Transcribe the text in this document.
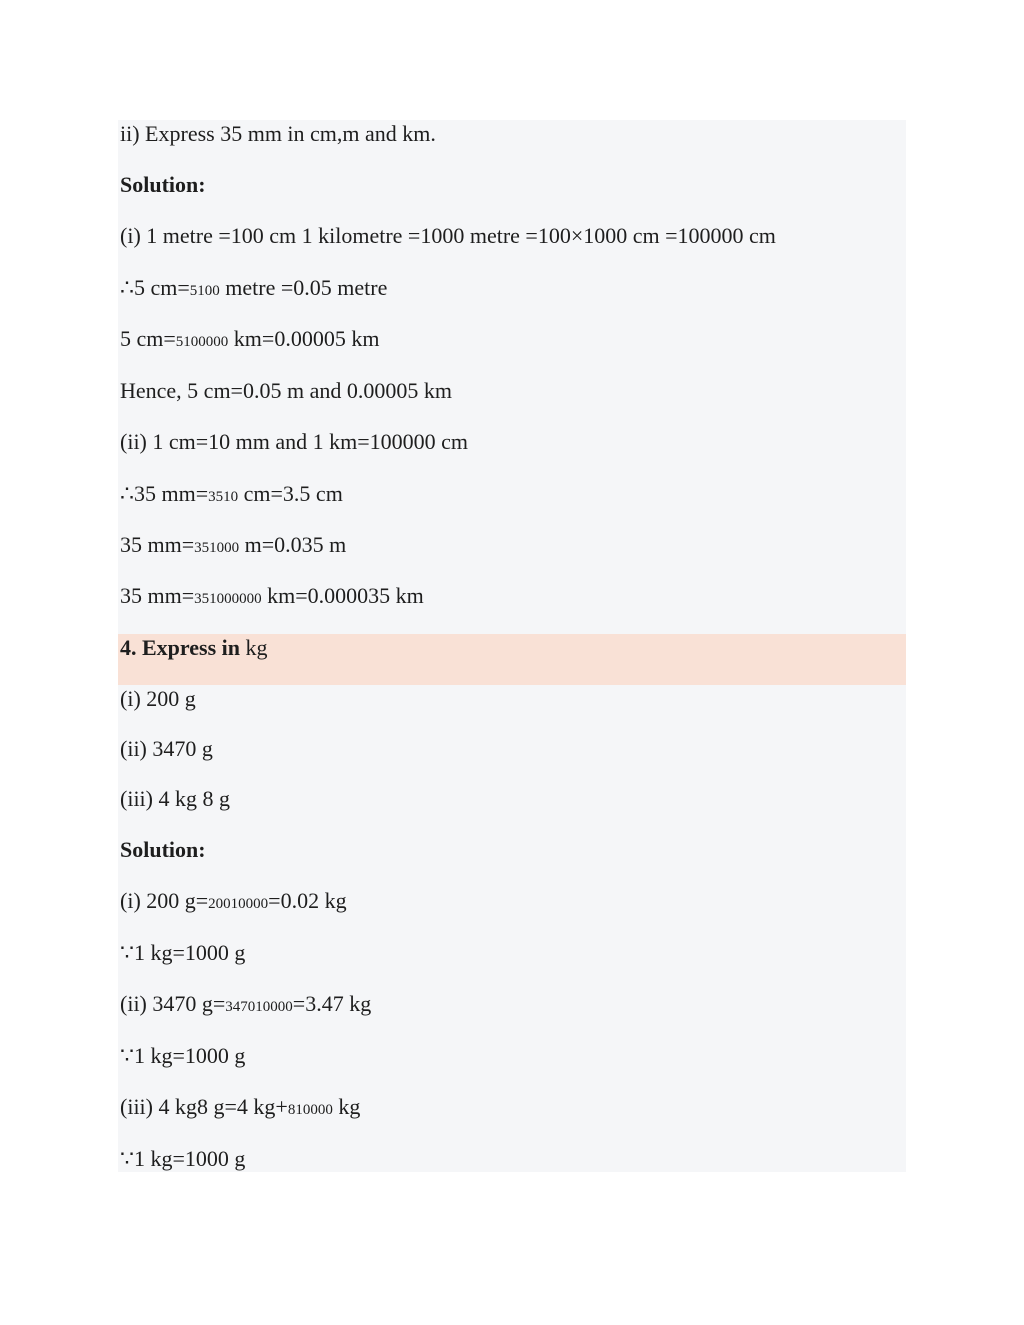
ii) Express 35 mm in cm,m and km.
Solution:
(i) 1 metre =100 cm 1 kilometre =1000 metre =100×1000 cm =100000 cm
∴5 cm=5100 metre =0.05 metre
5 cm=5100000 km=0.00005 km
Hence, 5 cm=0.05 m and 0.00005 km
(ii) 1 cm=10 mm and 1 km=100000 cm
∴35 mm=3510 cm=3.5 cm
35 mm=351000 m=0.035 m
35 mm=351000000 km=0.000035 km
4. Express in kg
(i) 200 g
(ii) 3470 g
(iii) 4 kg 8 g
Solution:
(i) 200 g=20010000=0.02 kg
∵1 kg=1000 g
(ii) 3470 g=347010000=3.47 kg
∵1 kg=1000 g
(iii) 4 kg8 g=4 kg+810000 kg
∵1 kg=1000 g
